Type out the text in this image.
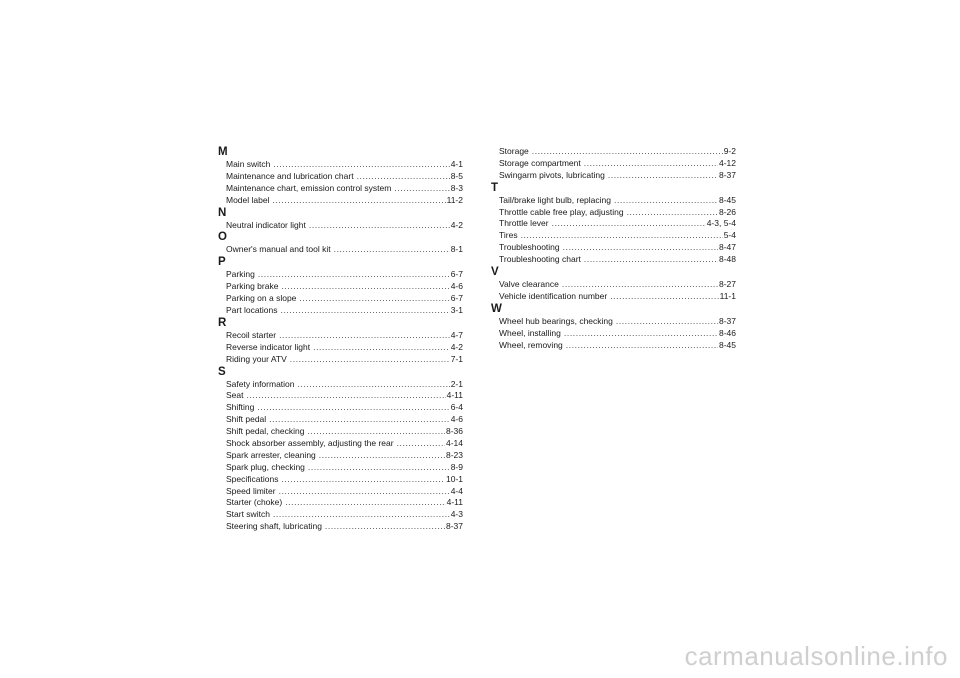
M
Main switch .....	4-1
Maintenance and lubrication chart .....	8-5
Maintenance chart, emission control system .....	8-3
Model label .....	11-2
N
Neutral indicator light .....	4-2
O
Owner's manual and tool kit .....	8-1
P
Parking .....	6-7
Parking brake .....	4-6
Parking on a slope .....	6-7
Part locations .....	3-1
R
Recoil starter .....	4-7
Reverse indicator light .....	4-2
Riding your ATV .....	7-1
S
Safety information .....	2-1
Seat .....	4-11
Shifting .....	6-4
Shift pedal .....	4-6
Shift pedal, checking .....	8-36
Shock absorber assembly, adjusting the rear .....	4-14
Spark arrester, cleaning .....	8-23
Spark plug, checking .....	8-9
Specifications .....	10-1
Speed limiter .....	4-4
Starter (choke) .....	4-11
Start switch .....	4-3
Steering shaft, lubricating .....	8-37
Storage .....	9-2
Storage compartment .....	4-12
Swingarm pivots, lubricating .....	8-37
T
Tail/brake light bulb, replacing .....	8-45
Throttle cable free play, adjusting .....	8-26
Throttle lever .....	4-3, 5-4
Tires .....	5-4
Troubleshooting .....	8-47
Troubleshooting chart .....	8-48
V
Valve clearance .....	8-27
Vehicle identification number .....	11-1
W
Wheel hub bearings, checking .....	8-37
Wheel, installing .....	8-46
Wheel, removing .....	8-45
carmanualsonline.info
